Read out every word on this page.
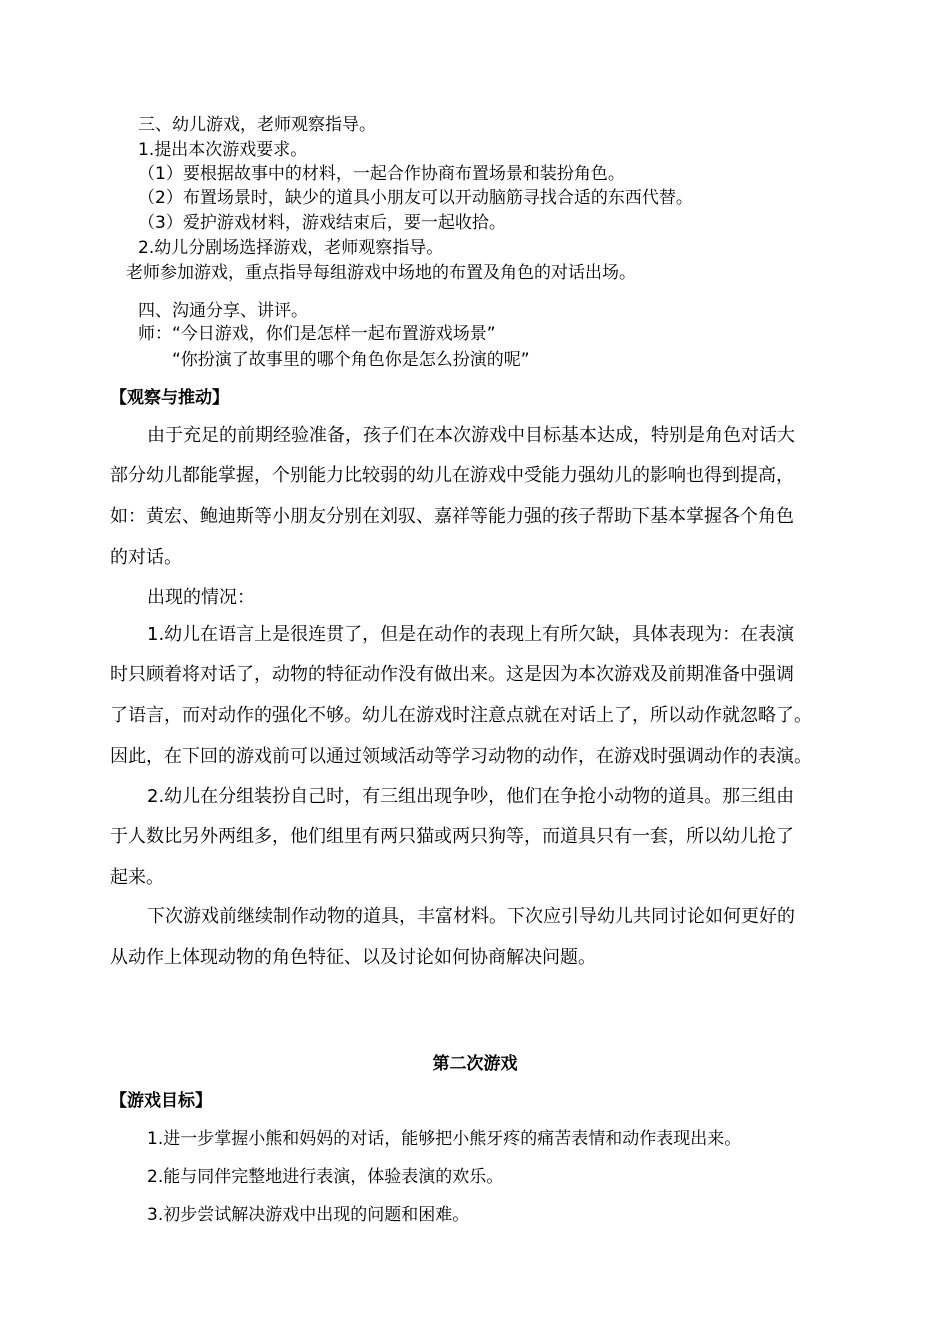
三、幼儿游戏，老师观察指导。
1.提出本次游戏要求。
（1）要根据故事中的材料，一起合作协商布置场景和装扮角色。
（2）布置场景时，缺少的道具小朋友可以开动脑筋寻找合适的东西代替。
（3）爱护游戏材料，游戏结束后，要一起收拾。
2.幼儿分剧场选择游戏，老师观察指导。
老师参加游戏，重点指导每组游戏中场地的布置及角色的对话出场。
四、沟通分享、讲评。
师：“今日游戏，你们是怎样一起布置游戏场景”
“你扮演了故事里的哪个角色你是怎么扮演的呢”
【观察与推动】
由于充足的前期经验准备，孩子们在本次游戏中目标基本达成，特别是角色对话大
部分幼儿都能掌握，个别能力比较弱的幼儿在游戏中受能力强幼儿的影响也得到提高，
如：黄宏、鲍迪斯等小朋友分别在刘驭、嘉祥等能力强的孩子帮助下基本掌握各个角色
的对话。
出现的情况：
1.幼儿在语言上是很连贯了，但是在动作的表现上有所欠缺，具体表现为：在表演
时只顾着将对话了，动物的特征动作没有做出来。这是因为本次游戏及前期准备中强调
了语言，而对动作的强化不够。幼儿在游戏时注意点就在对话上了，所以动作就忽略了。
因此，在下回的游戏前可以通过领域活动等学习动物的动作，在游戏时强调动作的表演。
2.幼儿在分组装扮自己时，有三组出现争吵，他们在争抢小动物的道具。那三组由
于人数比另外两组多，他们组里有两只猫或两只狗等，而道具只有一套，所以幼儿抢了
起来。
下次游戏前继续制作动物的道具，丰富材料。下次应引导幼儿共同讨论如何更好的
从动作上体现动物的角色特征、以及讨论如何协商解决问题。
第二次游戏
【游戏目标】
1.进一步掌握小熊和妈妈的对话，能够把小熊牙疼的痛苦表情和动作表现出来。
2.能与同伴完整地进行表演，体验表演的欢乐。
3.初步尝试解决游戏中出现的问题和困难。
